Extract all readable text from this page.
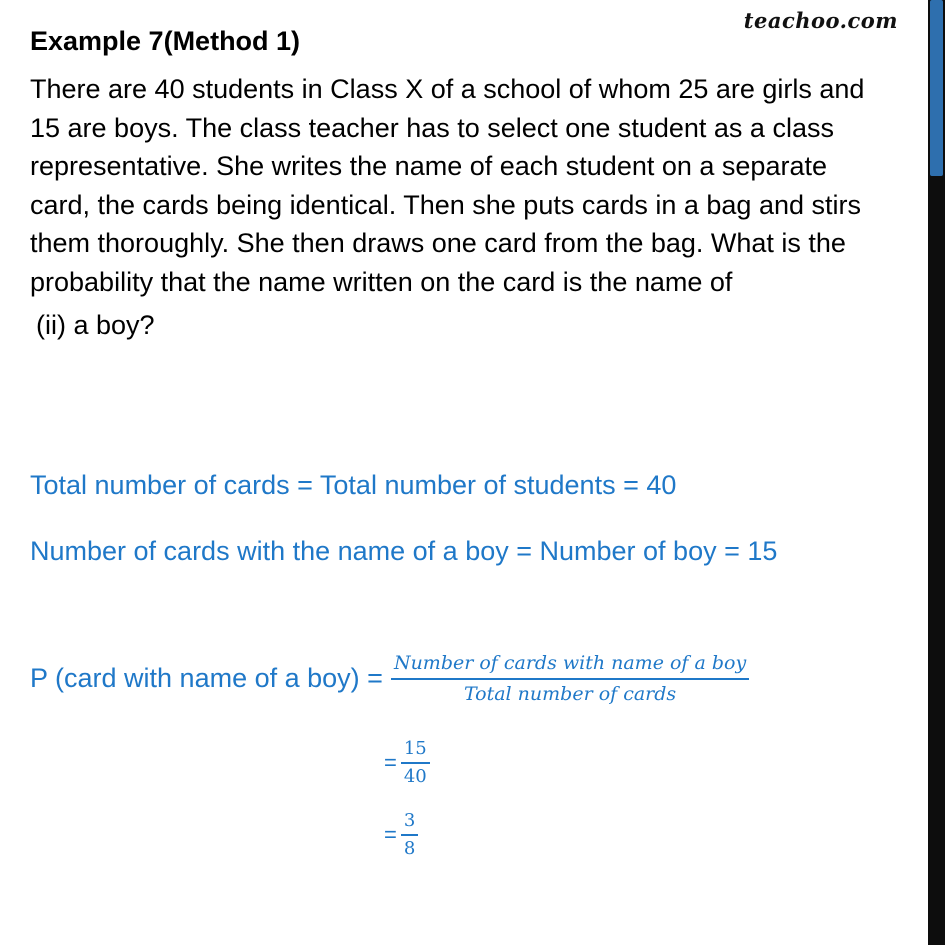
teachoo.com
Example 7(Method 1)
There are 40 students in Class X of a school of whom 25 are girls and
15 are boys. The class teacher has to select one student as a class
representative. She writes the name of each student on a separate
card, the cards being identical. Then she puts cards in a bag and stirs
them thoroughly. She then draws one card from the bag. What is the
probability that the name written on the card is the name of
(ii) a boy?
Total number of cards = Total number of students = 40
Number of cards with the name of a boy = Number of boy = 15
P (card with name of a $boy) = \frac{\text{Number of cards with name of a boy}}{\text{Total number of cards}}$
= $\frac{15}{40}$
= $\frac{3}{8}$
